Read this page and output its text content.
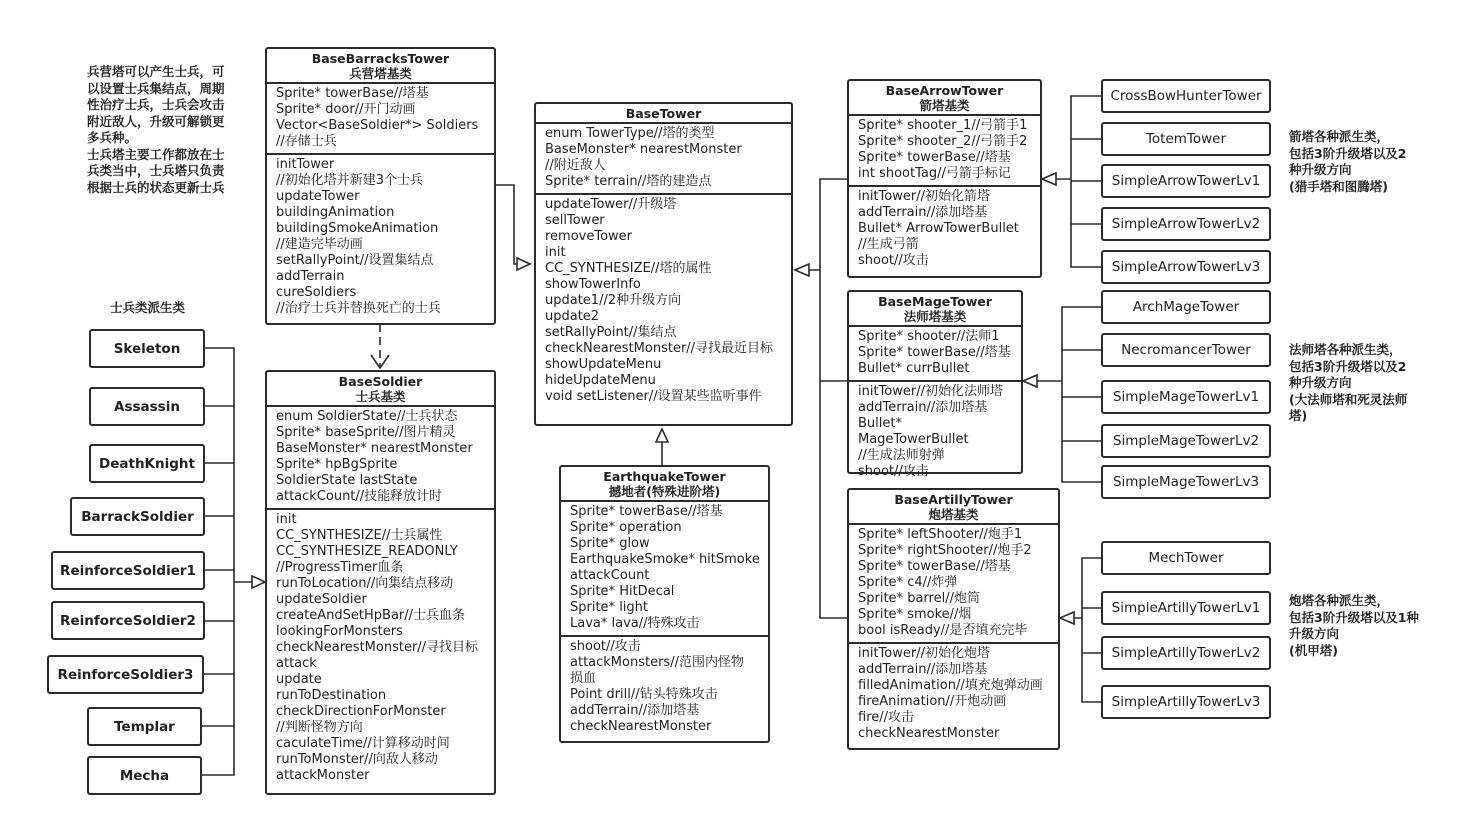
兵营塔可以产生士兵，可
以设置士兵集结点，周期
性治疗士兵，士兵会攻击
附近敌人，升级可解锁更
多兵种。
士兵塔主要工作都放在士
兵类当中，士兵塔只负责
根据士兵的状态更新士兵
士兵类派生类
箭塔各种派生类，
包括3阶升级塔以及2
种升级方向
(猎手塔和图腾塔)
法师塔各种派生类，
包括3阶升级塔以及2
种升级方向
(大法师塔和死灵法师
塔)
炮塔各种派生类，
包括3阶升级塔以及1种
升级方向
(机甲塔)
BaseBarracksTower
兵营塔基类
Sprite* towerBase//塔基
Sprite* door//开门动画
Vector<BaseSoldier*> Soldiers
//存储士兵
initTower
//初始化塔并新建3个士兵
updateTower
buildingAnimation
buildingSmokeAnimation
//建造完毕动画
setRallyPoint//设置集结点
addTerrain
cureSoldiers
//治疗士兵并替换死亡的士兵
BaseSoldier
士兵基类
enum SoldierState//士兵状态
Sprite* baseSprite//图片精灵
BaseMonster* nearestMonster
Sprite* hpBgSprite
SoldierState lastState
attackCount//技能释放计时
init
CC_SYNTHESIZE//士兵属性
CC_SYNTHESIZE_READONLY
//ProgressTimer血条
runToLocation//向集结点移动
updateSoldier
createAndSetHpBar//士兵血条
lookingForMonsters
checkNearestMonster//寻找目标
attack
update
runToDestination
checkDirectionForMonster
//判断怪物方向
caculateTime//计算移动时间
runToMonster//向敌人移动
attackMonster
BaseTower
enum TowerType//塔的类型
BaseMonster* nearestMonster
//附近敌人
Sprite* terrain//塔的建造点
updateTower//升级塔
sellTower
removeTower
init
CC_SYNTHESIZE//塔的属性
showTowerInfo
update1//2种升级方向
update2
setRallyPoint//集结点
checkNearestMonster//寻找最近目标
showUpdateMenu
hideUpdateMenu
void setListener//设置某些监听事件
EarthquakeTower
撼地者(特殊进阶塔)
Sprite* towerBase//塔基
Sprite* operation
Sprite* glow
EarthquakeSmoke* hitSmoke
attackCount
Sprite* HitDecal
Sprite* light
Lava* lava//特殊攻击
shoot//攻击
attackMonsters//范围内怪物
损血
Point drill//钻头特殊攻击
addTerrain//添加塔基
checkNearestMonster
BaseArrowTower
箭塔基类
Sprite* shooter_1//弓箭手1
Sprite* shooter_2//弓箭手2
Sprite* towerBase//塔基
int shootTag//弓箭手标记
initTower//初始化箭塔
addTerrain//添加塔基
Bullet* ArrowTowerBullet
//生成弓箭
shoot//攻击
BaseMageTower
法师塔基类
Sprite* shooter//法师1
Sprite* towerBase//塔基
Bullet* currBullet
initTower//初始化法师塔
addTerrain//添加塔基
Bullet*
MageTowerBullet
//生成法师射弹
shoot//攻击
BaseArtillyTower
炮塔基类
Sprite* leftShooter//炮手1
Sprite* rightShooter//炮手2
Sprite* towerBase//塔基
Sprite* c4//炸弹
Sprite* barrel//炮筒
Sprite* smoke//烟
bool isReady//是否填充完毕
initTower//初始化炮塔
addTerrain//添加塔基
filledAnimation//填充炮弹动画
fireAnimation//开炮动画
fire//攻击
checkNearestMonster
Skeleton
Assassin
DeathKnight
BarrackSoldier
ReinforceSoldier1
ReinforceSoldier2
ReinforceSoldier3
Templar
Mecha
CrossBowHunterTower
TotemTower
SimpleArrowTowerLv1
SimpleArrowTowerLv2
SimpleArrowTowerLv3
ArchMageTower
NecromancerTower
SimpleMageTowerLv1
SimpleMageTowerLv2
SimpleMageTowerLv3
MechTower
SimpleArtillyTowerLv1
SimpleArtillyTowerLv2
SimpleArtillyTowerLv3
